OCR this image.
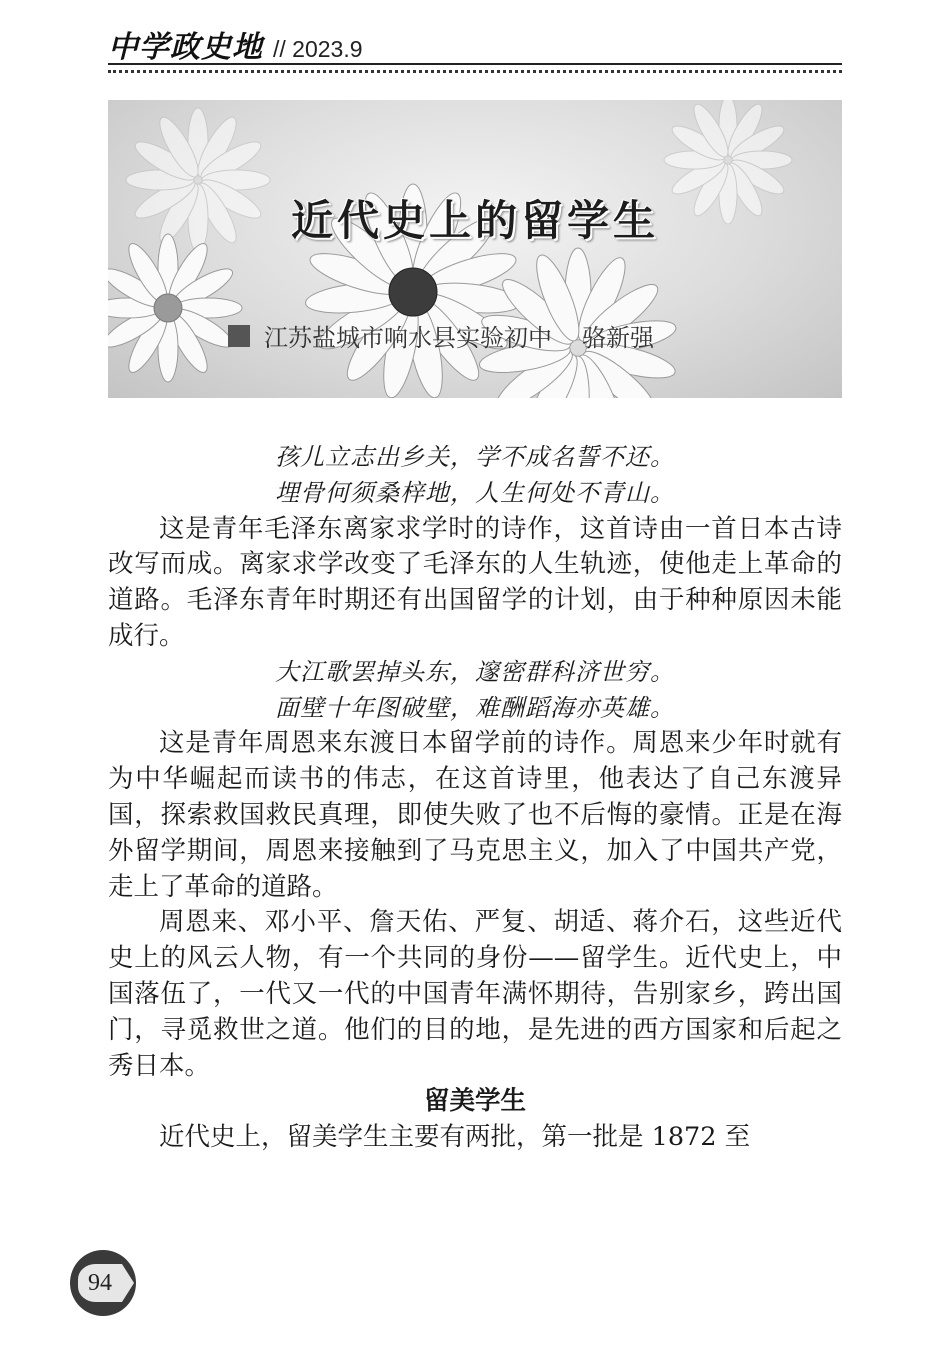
中学政史地 // 2023.9
近代史上的留学生
江苏盐城市响水县实验初中 骆新强

孩儿立志出乡关，学不成名誓不还。

埋骨何须桑梓地，人生何处不青山。

这是青年毛泽东离家求学时的诗作，这首诗由一首日本古诗改写而成。离家求学改变了毛泽东的人生轨迹，使他走上革命的道路。毛泽东青年时期还有出国留学的计划，由于种种原因未能成行。

大江歌罢掉头东，邃密群科济世穷。

面壁十年图破壁，难酬蹈海亦英雄。

这是青年周恩来东渡日本留学前的诗作。周恩来少年时就有为中华崛起而读书的伟志，在这首诗里，他表达了自己东渡异国，探索救国救民真理，即使失败了也不后悔的豪情。正是在海外留学期间，周恩来接触到了马克思主义，加入了中国共产党，走上了革命的道路。

周恩来、邓小平、詹天佑、严复、胡适、蒋介石，这些近代史上的风云人物，有一个共同的身份——留学生。近代史上，中国落伍了，一代又一代的中国青年满怀期待，告别家乡，跨出国门，寻觅救世之道。他们的目的地，是先进的西方国家和后起之秀日本。

留美学生

近代史上，留美学生主要有两批，第一批是 1872 至

94
